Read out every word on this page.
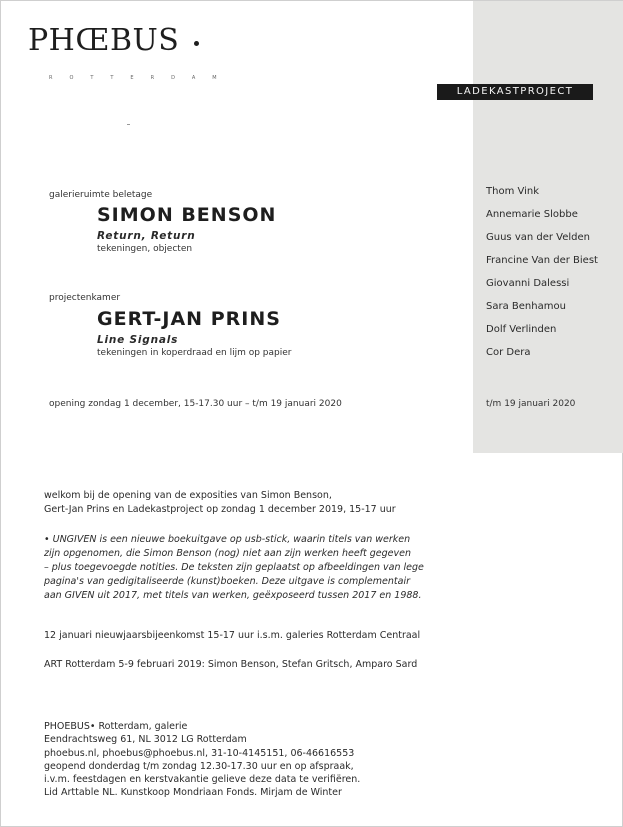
PHŒBUS
ROTTERDAM
LADEKASTPROJECT
galerieruimte beletage
SIMON BENSON
Return, Return
tekeningen, objecten
projectenkamer
GERT-JAN PRINS
Line Signals
tekeningen in koperdraad en lijm op papier
opening zondag 1 december, 15-17.30 uur – t/m 19 januari 2020
Thom Vink
Annemarie Slobbe
Guus van der Velden
Francine Van der Biest
Giovanni Dalessi
Sara Benhamou
Dolf Verlinden
Cor Dera
t/m 19 januari 2020
welkom bij de opening van de exposities van Simon Benson,
Gert-Jan Prins en Ladekastproject op zondag 1 december 2019, 15-17 uur
• UNGIVEN is een nieuwe boekuitgave op usb-stick, waarin titels van werken
zijn opgenomen, die Simon Benson (nog) niet aan zijn werken heeft gegeven
– plus toegevoegde notities. De teksten zijn geplaatst op afbeeldingen van lege
pagina's van gedigitaliseerde (kunst)boeken. Deze uitgave is complementair
aan GIVEN uit 2017, met titels van werken, geëxposeerd tussen 2017 en 1988.
12 januari nieuwjaarsbijeenkomst 15-17 uur i.s.m. galeries Rotterdam Centraal
ART Rotterdam 5-9 februari 2019: Simon Benson, Stefan Gritsch, Amparo Sard
PHOEBUS• Rotterdam, galerie
Eendrachtsweg 61, NL 3012 LG Rotterdam
phoebus.nl, phoebus@phoebus.nl, 31-10-4145151, 06-46616553
geopend donderdag t/m zondag 12.30-17.30 uur en op afspraak,
i.v.m. feestdagen en kerstvakantie gelieve deze data te verifiëren.
Lid Arttable NL. Kunstkoop Mondriaan Fonds. Mirjam de Winter
